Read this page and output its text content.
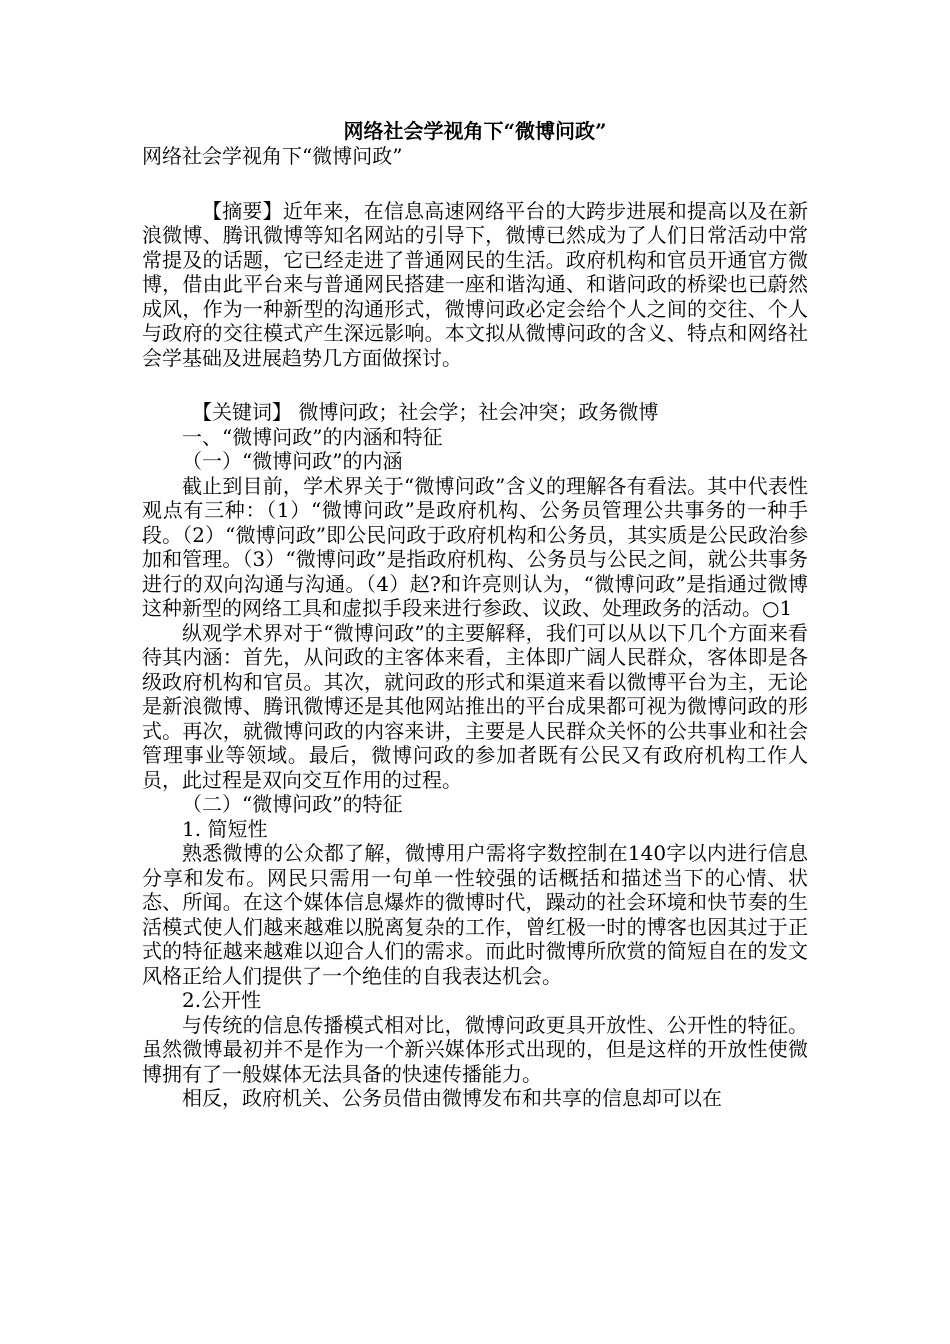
网络社会学视角下“微博问政”

网络社会学视角下“微博问政”

【摘要】近年来，在信息高速网络平台的大跨步进展和提高以及在新浪微博、腾讯微博等知名网站的引导下，微博已然成为了人们日常活动中常常提及的话题，它已经走进了普通网民的生活。政府机构和官员开通官方微博，借由此平台来与普通网民搭建一座和谐沟通、和谐问政的桥梁也已蔚然成风，作为一种新型的沟通形式，微博问政必定会给个人之间的交往、个人与政府的交往模式产生深远影响。本文拟从微博问政的含义、特点和网络社会学基础及进展趋势几方面做探讨。

【关键词】 微博问政；社会学；社会冲突；政务微博

一、“微博问政”的内涵和特征

（一）“微博问政”的内涵

截止到目前，学术界关于“微博问政”含义的理解各有看法。其中代表性观点有三种：（1）“微博问政”是政府机构、公务员管理公共事务的一种手段。（2）“微博问政”即公民问政于政府机构和公务员，其实质是公民政治参加和管理。（3）“微博问政”是指政府机构、公务员与公民之间，就公共事务进行的双向沟通与沟通。（4）赵?和许亮则认为，“微博问政”是指通过微博这种新型的网络工具和虚拟手段来进行参政、议政、处理政务的活动。○1

纵观学术界对于“微博问政”的主要解释，我们可以从以下几个方面来看待其内涵：首先，从问政的主客体来看，主体即广阔人民群众，客体即是各级政府机构和官员。其次，就问政的形式和渠道来看以微博平台为主，无论是新浪微博、腾讯微博还是其他网站推出的平台成果都可视为微博问政的形式。再次，就微博问政的内容来讲，主要是人民群众关怀的公共事业和社会管理事业等领域。最后，微博问政的参加者既有公民又有政府机构工作人员，此过程是双向交互作用的过程。

（二）“微博问政”的特征

1. 简短性

熟悉微博的公众都了解，微博用户需将字数控制在140字以内进行信息分享和发布。网民只需用一句单一性较强的话概括和描述当下的心情、状态、所闻。在这个媒体信息爆炸的微博时代，躁动的社会环境和快节奏的生活模式使人们越来越难以脱离复杂的工作，曾红极一时的博客也因其过于正式的特征越来越难以迎合人们的需求。而此时微博所欣赏的简短自在的发文风格正给人们提供了一个绝佳的自我表达机会。

2.公开性

与传统的信息传播模式相对比，微博问政更具开放性、公开性的特征。虽然微博最初并不是作为一个新兴媒体形式出现的，但是这样的开放性使微博拥有了一般媒体无法具备的快速传播能力。

相反，政府机关、公务员借由微博发布和共享的信息却可以在
